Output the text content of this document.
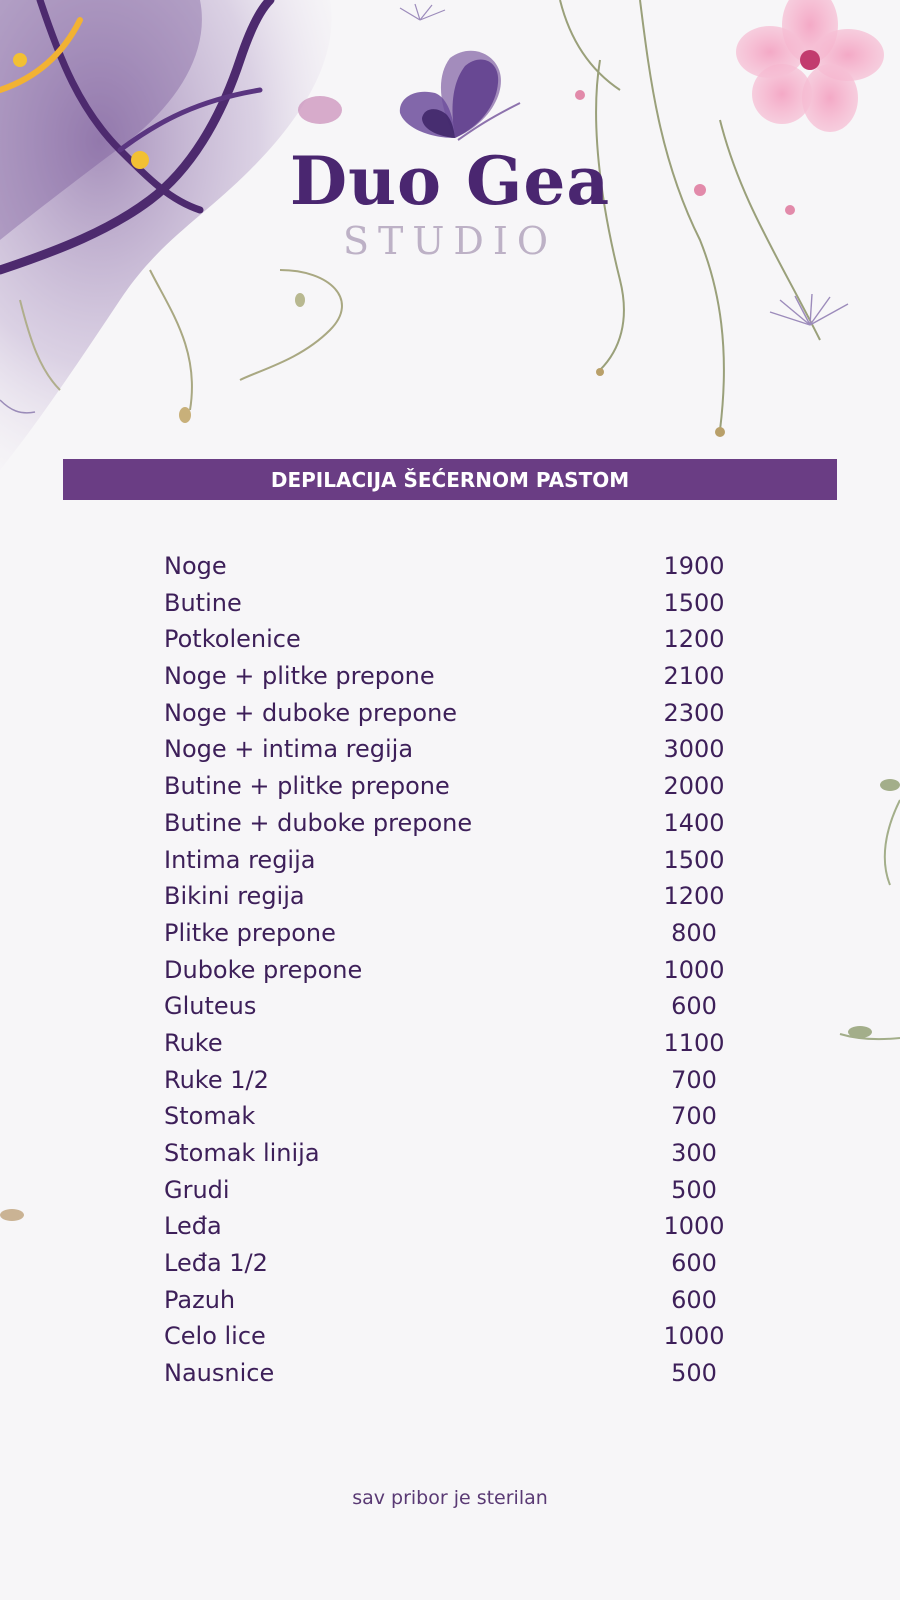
Duo Gea
STUDIO
DEPILACIJA ŠEĆERNOM PASTOM
Noge	1900
Butine	1500
Potkolenice	1200
Noge + plitke prepone	2100
Noge + duboke prepone	2300
Noge + intima regija	3000
Butine + plitke prepone	2000
Butine + duboke prepone	1400
Intima regija	1500
Bikini regija	1200
Plitke prepone	800
Duboke prepone	1000
Gluteus	600
Ruke	1100
Ruke 1/2	700
Stomak	700
Stomak linija	300
Grudi	500
Leđa	1000
Leđa 1/2	600
Pazuh	600
Celo lice	1000
Nausnice	500
sav pribor je sterilan
